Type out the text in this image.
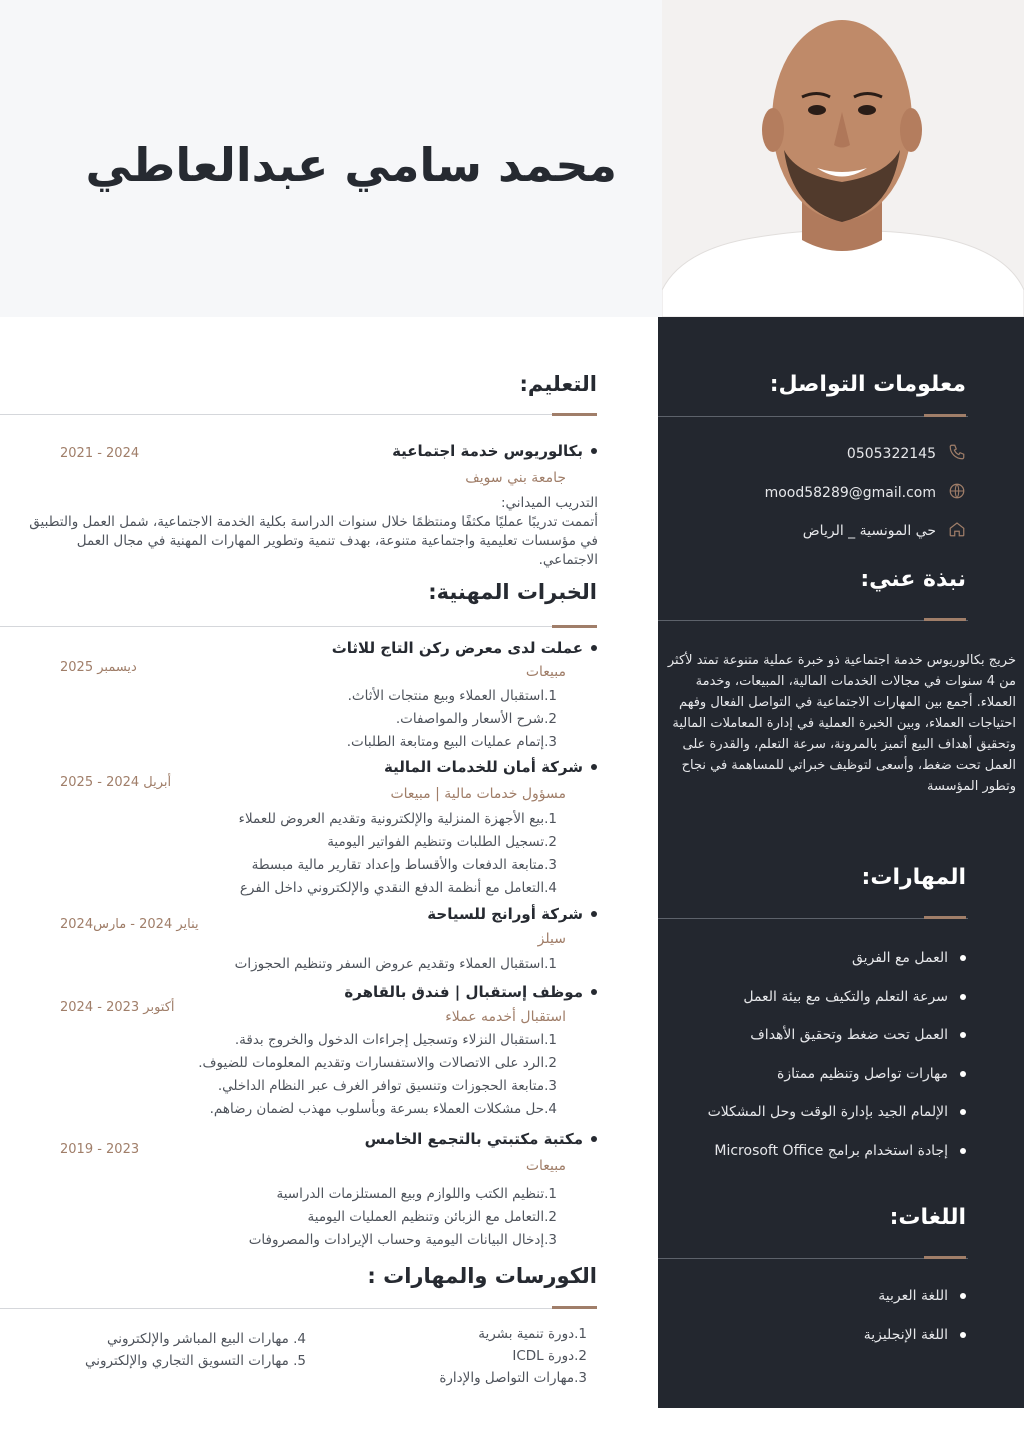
محمد سامي عبدالعاطي
معلومات التواصل:
0505322145
mood58289@gmail.com
حي المونسية _ الرياض
نبذة عني:
خريج بكالوريوس خدمة اجتماعية ذو خبرة عملية متنوعة تمتد لأكثر من 4 سنوات في مجالات الخدمات المالية، المبيعات، وخدمة العملاء. أجمع بين المهارات الاجتماعية في التواصل الفعال وفهم احتياجات العملاء، وبين الخبرة العملية في إدارة المعاملات المالية وتحقيق أهداف البيع أتميز بالمرونة، سرعة التعلم، والقدرة على العمل تحت ضغط، وأسعى لتوظيف خبراتي للمساهمة في نجاح وتطور المؤسسة
المهارات:
العمل مع الفريق
سرعة التعلم والتكيف مع بيئة العمل
العمل تحت ضغط وتحقيق الأهداف
مهارات تواصل وتنظيم ممتازة
الإلمام الجيد بإدارة الوقت وحل المشكلات
إجادة استخدام برامج Microsoft Office
اللغات:
اللغة العربية
اللغة الإنجليزية
التعليم:
بكالوريوس خدمة اجتماعية
2021 - 2024
جامعة بني سويف
التدريب الميداني:
أتممت تدريبًا عمليًا مكثفًا ومنتظمًا خلال سنوات الدراسة بكلية الخدمة الاجتماعية، شمل العمل والتطبيق في مؤسسات تعليمية واجتماعية متنوعة، بهدف تنمية وتطوير المهارات المهنية في مجال العمل الاجتماعي.
الخبرات المهنية:
عملت لدى معرض ركن التاج للاثاث
ديسمبر 2025	مبيعات
1.استقبال العملاء وبيع منتجات الأثاث.
2.شرح الأسعار والمواصفات.
3.إتمام عمليات البيع ومتابعة الطلبات.
شركة أمان للخدمات المالية
أبريل 2024 - 2025
مسؤول خدمات مالية | مبيعات
1.بيع الأجهزة المنزلية والإلكترونية وتقديم العروض للعملاء
2.تسجيل الطلبات وتنظيم الفواتير اليومية
3.متابعة الدفعات والأقساط وإعداد تقارير مالية مبسطة
4.التعامل مع أنظمة الدفع النقدي والإلكتروني داخل الفرع
شركة أورانج للسياحة
يناير 2024 - مارس2024
سيلز
1.استقبال العملاء وتقديم عروض السفر وتنظيم الحجوزات
موظف إستقبال | فندق بالقاهرة
أكتوبر 2023 - 2024
استقبال أخدمه عملاء
1.استقبال النزلاء وتسجيل إجراءات الدخول والخروج بدقة.
2.الرد على الاتصالات والاستفسارات وتقديم المعلومات للضيوف.
3.متابعة الحجوزات وتنسيق توافر الغرف عبر النظام الداخلي.
4.حل مشكلات العملاء بسرعة وبأسلوب مهذب لضمان رضاهم.
مكتبة مكتبتي بالتجمع الخامس
2019 - 2023
مبيعات
1.تنظيم الكتب واللوازم وبيع المستلزمات الدراسية
2.التعامل مع الزبائن وتنظيم العمليات اليومية
3.إدخال البيانات اليومية وحساب الإيرادات والمصروفات
الكورسات والمهارات :
1.دورة تنمية بشرية
2.دورة ICDL
3.مهارات التواصل والإدارة
4. مهارات البيع المباشر والإلكتروني
5. مهارات التسويق التجاري والإلكتروني
